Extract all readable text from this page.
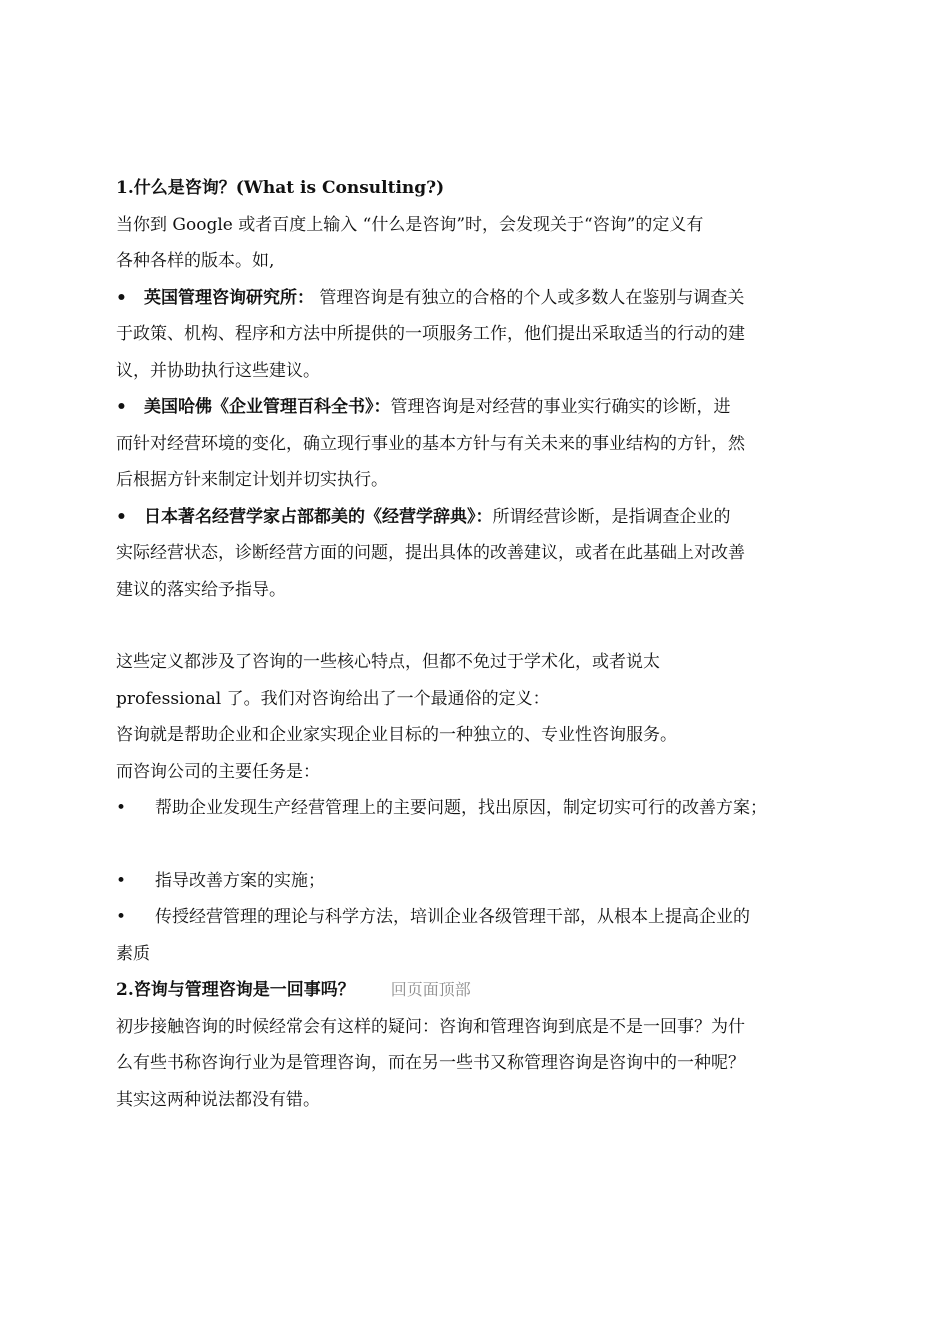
1.什么是咨询？(What is Consulting?)
当你到 Google 或者百度上输入 “什么是咨询”时，会发现关于“咨询”的定义有
各种各样的版本。如,
• 英国管理咨询研究所： 管理咨询是有独立的合格的个人或多数人在鉴别与调查关
于政策、机构、程序和方法中所提供的一项服务工作，他们提出采取适当的行动的建
议，并协助执行这些建议。
• 美国哈佛《企业管理百科全书》：管理咨询是对经营的事业实行确实的诊断，进
而针对经营环境的变化，确立现行事业的基本方针与有关未来的事业结构的方针，然
后根据方针来制定计划并切实执行。
• 日本著名经营学家占部都美的《经营学辞典》：所谓经营诊断，是指调查企业的
实际经营状态，诊断经营方面的问题，提出具体的改善建议，或者在此基础上对改善
建议的落实给予指导。
这些定义都涉及了咨询的一些核心特点，但都不免过于学术化，或者说太
professional 了。我们对咨询给出了一个最通俗的定义：
咨询就是帮助企业和企业家实现企业目标的一种独立的、专业性咨询服务。
而咨询公司的主要任务是：
• 帮助企业发现生产经营管理上的主要问题，找出原因，制定切实可行的改善方案；
• 指导改善方案的实施；
• 传授经营管理的理论与科学方法，培训企业各级管理干部，从根本上提高企业的
素质
2.咨询与管理咨询是一回事吗？ 回页面顶部
初步接触咨询的时候经常会有这样的疑问：咨询和管理咨询到底是不是一回事？为什
么有些书称咨询行业为是管理咨询，而在另一些书又称管理咨询是咨询中的一种呢？
其实这两种说法都没有错。
